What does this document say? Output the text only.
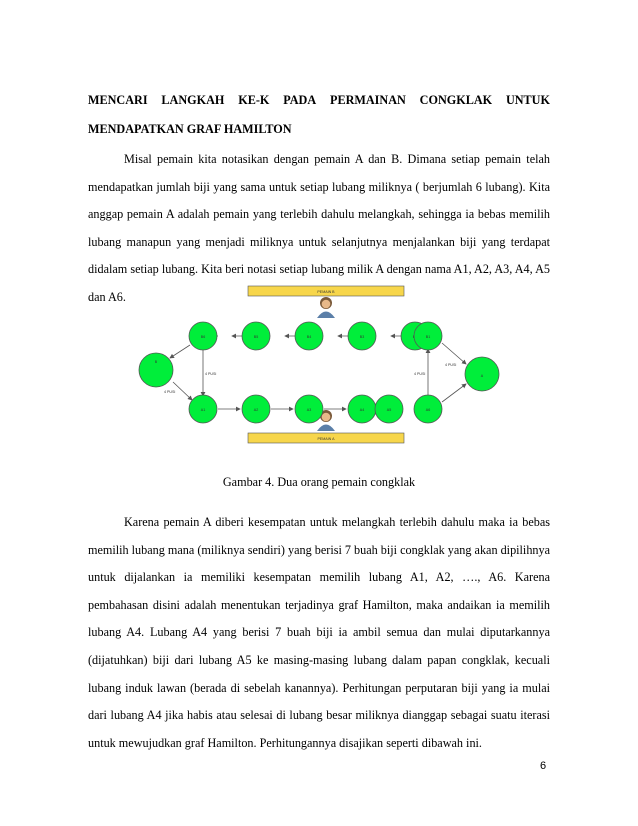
MENCARI LANGKAH KE-K PADA PERMAINAN CONGKLAK UNTUK
MENDAPATKAN GRAF HAMILTON
Misal pemain kita notasikan dengan pemain A dan B. Dimana setiap pemain telah mendapatkan jumlah biji yang sama untuk setiap lubang miliknya ( berjumlah 6 lubang). Kita anggap pemain A adalah pemain yang terlebih dahulu melangkah, sehingga ia bebas memilih lubang manapun yang menjadi miliknya untuk selanjutnya menjalankan biji yang terdapat didalam setiap lubang. Kita beri notasi setiap lubang milik A dengan nama A1, A2, A3, A4, A5 dan A6.	PEMAIN B
PEMAIN A
4 PUSI
4 PUSI
4 PUSI
4 PUSI
B
A
B6	B5	B4	B3	B1
A1	A2	A3	A4	A5	A6
Gambar 4. Dua orang pemain congklak
Karena pemain A diberi kesempatan untuk melangkah terlebih dahulu maka ia bebas memilih lubang mana (miliknya sendiri) yang berisi 7 buah biji congklak yang akan dipilihnya untuk dijalankan ia memiliki kesempatan memilih lubang A1, A2, …., A6. Karena pembahasan disini adalah menentukan terjadinya graf Hamilton, maka andaikan ia memilih lubang A4. Lubang A4 yang berisi 7 buah biji ia ambil semua dan mulai diputarkannya (dijatuhkan) biji dari lubang A5 ke masing-masing lubang dalam papan congklak, kecuali lubang induk lawan (berada di sebelah kanannya). Perhitungan perputaran biji yang ia mulai dari lubang A4 jika habis atau selesai di lubang besar miliknya dianggap sebagai suatu iterasi untuk mewujudkan graf Hamilton. Perhitungannya disajikan seperti dibawah ini.
6
